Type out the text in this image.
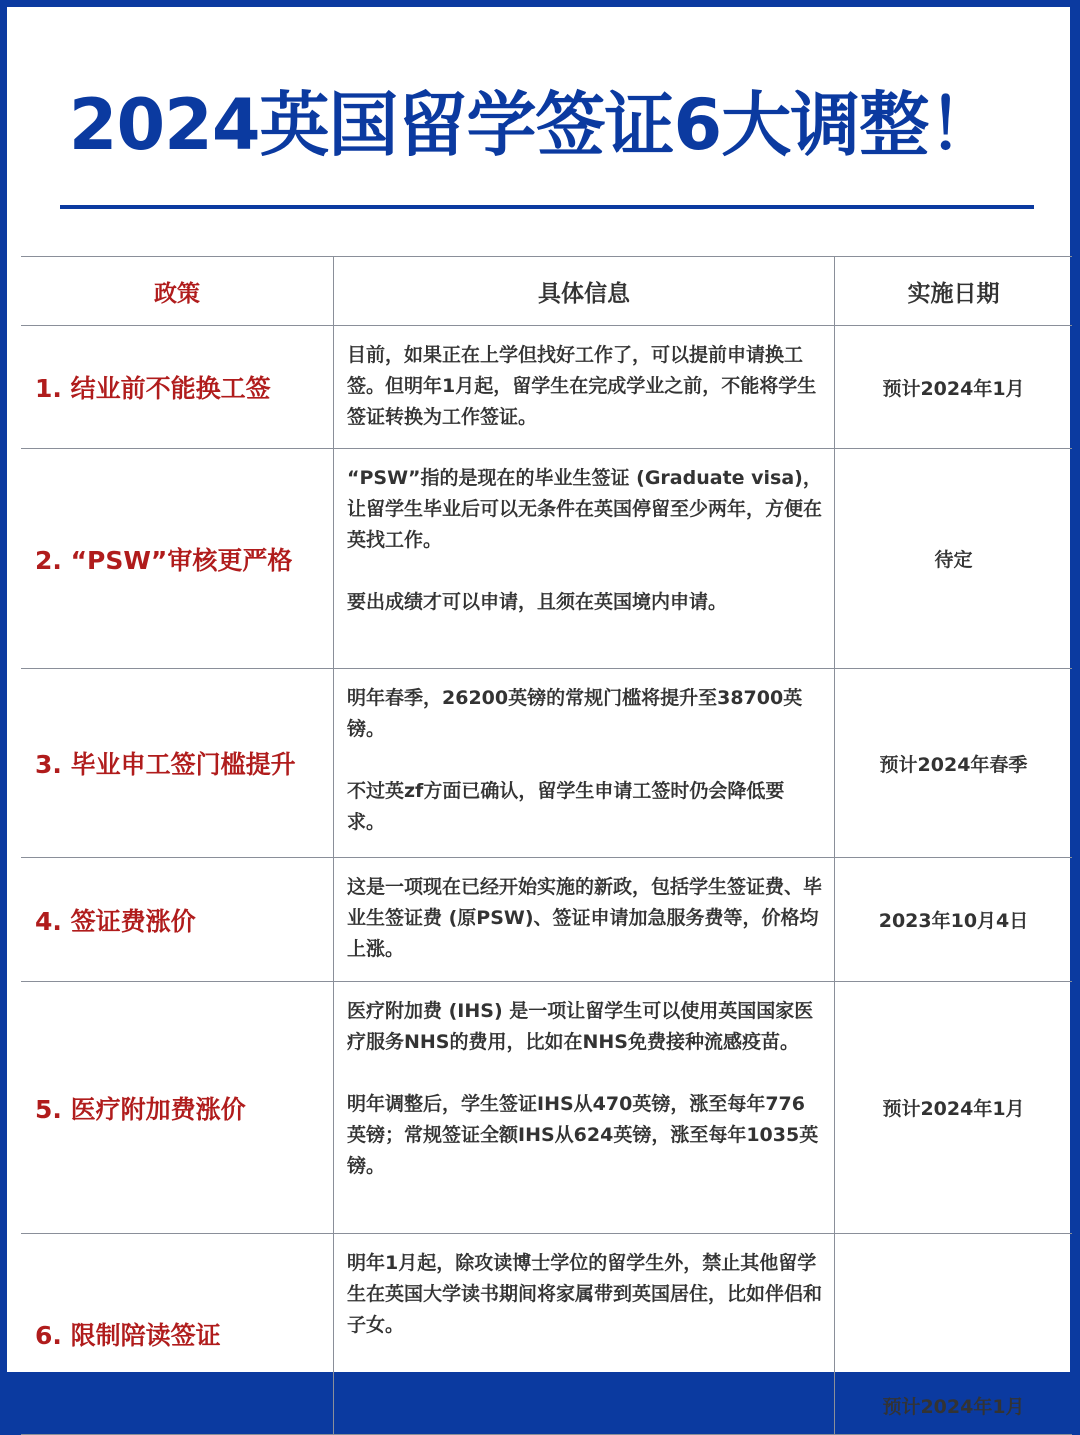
2024英国留学签证6大调整！
政策	具体信息	实施日期
1. 结业前不能换工签

目前，如果正在上学但找好工作了，可以提前申请换工签。但明年1月起，留学生在完成学业之前，不能将学生签证转换为工作签证。

预计2024年1月
2. “PSW”审核更严格

“PSW”指的是现在的毕业生签证 (Graduate visa)，让留学生毕业后可以无条件在英国停留至少两年，方便在英找工作。

要出成绩才可以申请，且须在英国境内申请。

待定
3. 毕业申工签门槛提升

明年春季，26200英镑的常规门槛将提升至38700英镑。

不过英zf方面已确认，留学生申请工签时仍会降低要求。

预计2024年春季
4. 签证费涨价

这是一项现在已经开始实施的新政，包括学生签证费、毕业生签证费 (原PSW)、签证申请加急服务费等，价格均上涨。

2023年10月4日
5. 医疗附加费涨价

医疗附加费 (IHS) 是一项让留学生可以使用英国国家医疗服务NHS的费用，比如在NHS免费接种流感疫苗。

明年调整后，学生签证IHS从470英镑，涨至每年776英镑；常规签证全额IHS从624英镑，涨至每年1035英镑。

预计2024年1月
6. 限制陪读签证

明年1月起，除攻读博士学位的留学生外，禁止其他留学生在英国大学读书期间将家属带到英国居住，比如伴侣和子女。

预计2024年1月
